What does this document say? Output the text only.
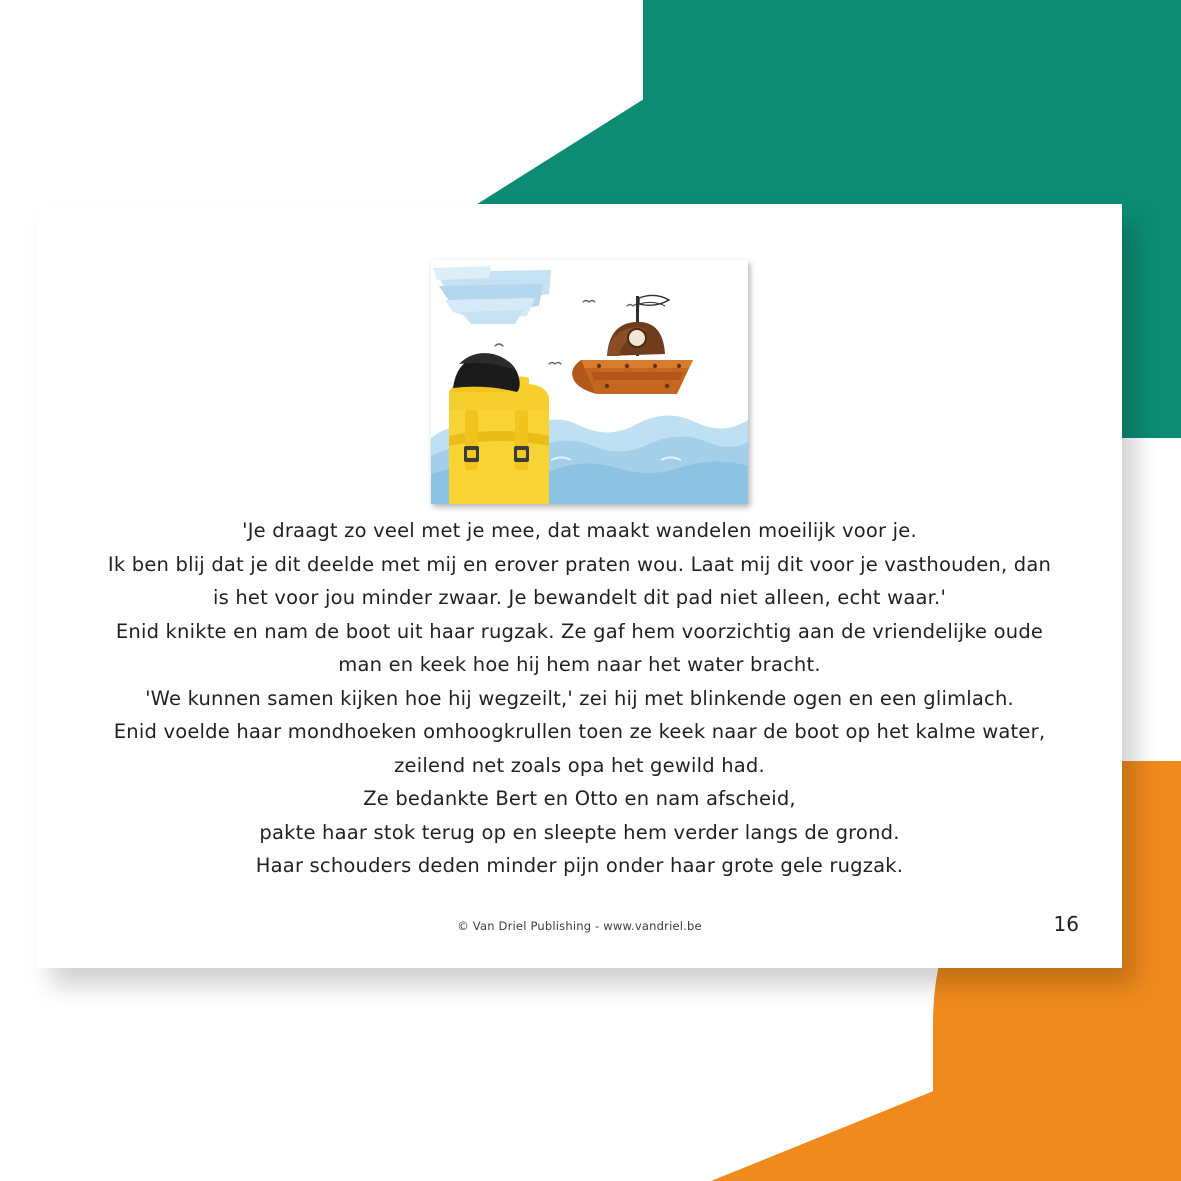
'Je draagt zo veel met je mee, dat maakt wandelen moeilijk voor je.
Ik ben blij dat je dit deelde met mij en erover praten wou. Laat mij dit voor je vasthouden, dan
is het voor jou minder zwaar. Je bewandelt dit pad niet alleen, echt waar.'
Enid knikte en nam de boot uit haar rugzak. Ze gaf hem voorzichtig aan de vriendelijke oude
man en keek hoe hij hem naar het water bracht.
'We kunnen samen kijken hoe hij wegzeilt,' zei hij met blinkende ogen en een glimlach.
Enid voelde haar mondhoeken omhoogkrullen toen ze keek naar de boot op het kalme water,
zeilend net zoals opa het gewild had.
Ze bedankte Bert en Otto en nam afscheid,
pakte haar stok terug op en sleepte hem verder langs de grond.
Haar schouders deden minder pijn onder haar grote gele rugzak.
© Van Driel Publishing - www.vandriel.be	16
